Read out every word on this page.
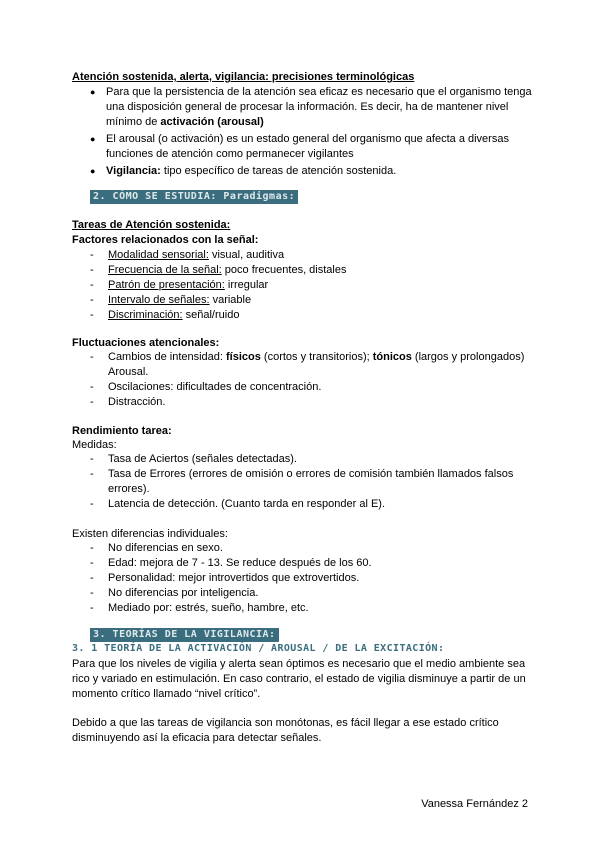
Atención sostenida, alerta, vigilancia: precisiones terminológicas
● Para que la persistencia de la atención sea eficaz es necesario que el organismo tenga una disposición general de procesar la información. Es decir, ha de mantener nivel mínimo de activación (arousal)
● El arousal (o activación) es un estado general del organismo que afecta a diversas funciones de atención como permanecer vigilantes
● Vigilancia: tipo específico de tareas de atención sostenida.
2. CÓMO SE ESTUDIA: Paradigmas:
Tareas de Atención sostenida:
Factores relacionados con la señal:
- Modalidad sensorial: visual, auditiva
- Frecuencia de la señal: poco frecuentes, distales
- Patrón de presentación: irregular
- Intervalo de señales: variable
- Discriminación: señal/ruido
Fluctuaciones atencionales:
- Cambios de intensidad: físicos (cortos y transitorios); tónicos (largos y prolongados) Arousal.
- Oscilaciones: dificultades de concentración.
- Distracción.
Rendimiento tarea:
Medidas:
- Tasa de Aciertos (señales detectadas).
- Tasa de Errores (errores de omisión o errores de comisión también llamados falsos errores).
- Latencia de detección. (Cuanto tarda en responder al E).
Existen diferencias individuales:
- No diferencias en sexo.
- Edad: mejora de 7 - 13. Se reduce después de los 60.
- Personalidad: mejor introvertidos que extrovertidos.
- No diferencias por inteligencia.
- Mediado por: estrés, sueño, hambre, etc.
3. TEORÍAS DE LA VIGILANCIA:
3. 1 TEORÍA DE LA ACTIVACIÓN / AROUSAL / DE LA EXCITACIÓN:
Para que los niveles de vigilia y alerta sean óptimos es necesario que el medio ambiente sea rico y variado en estimulación. En caso contrario, el estado de vigilia disminuye a partir de un momento crítico llamado “nivel crítico”.
Debido a que las tareas de vigilancia son monótonas, es fácil llegar a ese estado crítico disminuyendo así la eficacia para detectar señales.
Vanessa Fernández 2
